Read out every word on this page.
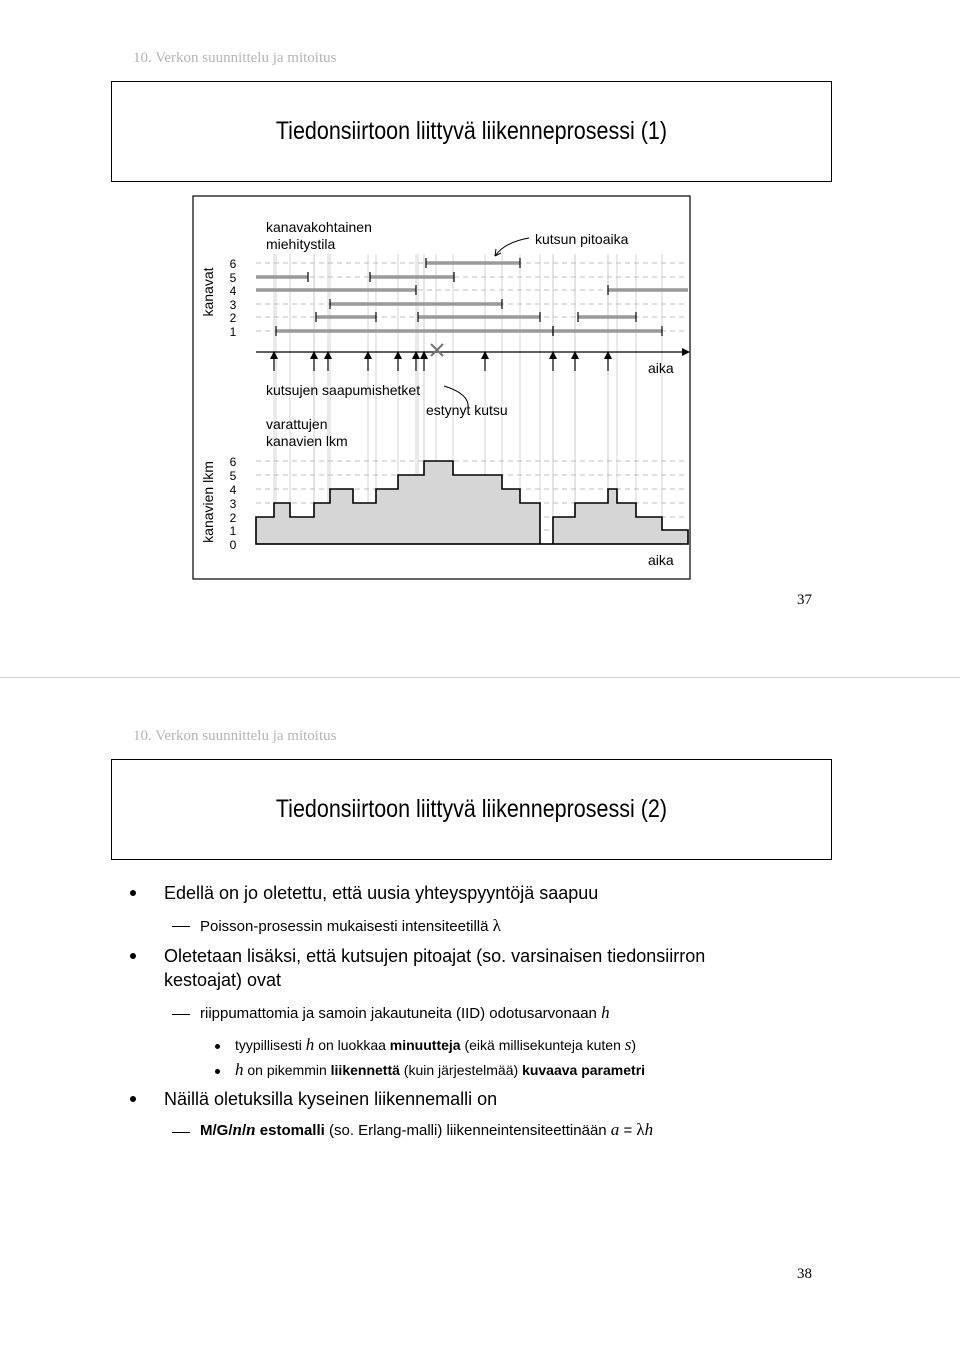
10. Verkon suunnittelu ja mitoitus
Tiedonsiirtoon liittyvä liikenneprosessi (1)
kanavat
kanavien lkm
6
5
4
3
2
1
6
5
4
3
2
1
0
kanavakohtainen
miehitystila	kutsun pitoaika
aika
kutsujen saapumishetket
estynyt kutsu
varattujen
kanavien lkm
aika
37
10. Verkon suunnittelu ja mitoitus
Tiedonsiirtoon liittyvä liikenneprosessi (2)
Edellä on jo oletettu, että uusia yhteyspyyntöjä saapuu
Poisson-prosessin mukaisesti intensiteetillä λ
Oletetaan lisäksi, että kutsujen pitoajat (so. varsinaisen tiedonsiirron
kestoajat) ovat
riippumattomia ja samoin jakautuneita (IID) odotusarvonaan h
tyypillisesti h on luokkaa minuutteja (eikä millisekunteja kuten s)
h on pikemmin liikennettä (kuin järjestelmää) kuvaava parametri
Näillä oletuksilla kyseinen liikennemalli on
M/G/n/n estomalli (so. Erlang-malli) liikenneintensiteettinään a = λh
38
